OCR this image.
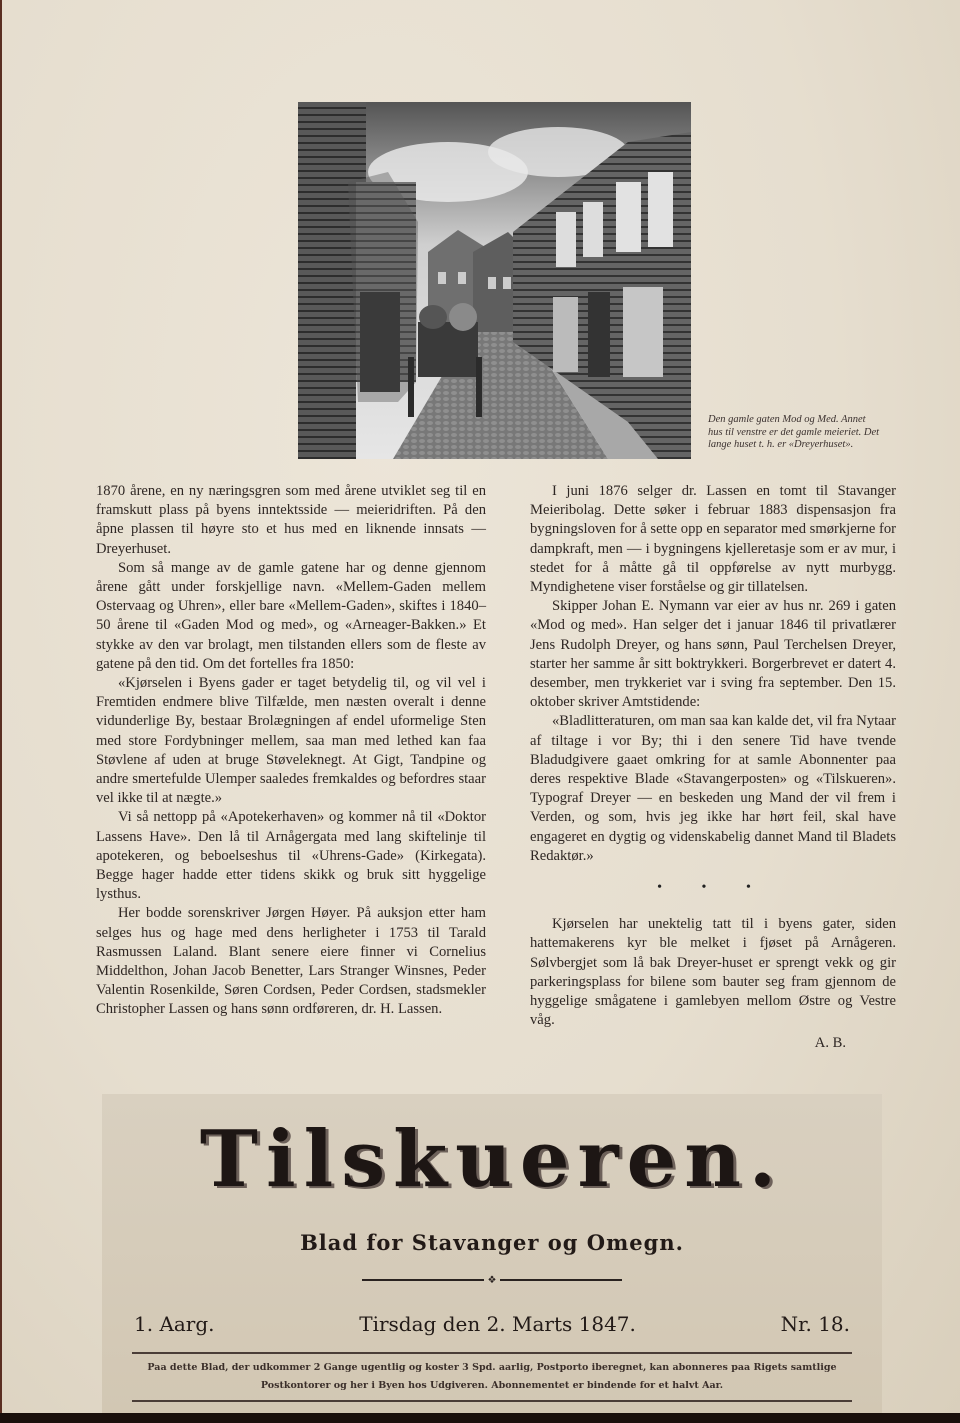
Den gamle gaten Mod og Med. Annet hus til venstre er det gamle meieriet. Det lange huset t. h. er «Dreyerhuset».

1870 årene, en ny næringsgren som med årene utviklet seg til en framskutt plass på byens inntektsside — meieridriften. På den åpne plassen til høyre sto et hus med en liknende innsats — Dreyerhuset.

Som så mange av de gamle gatene har og denne gjennom årene gått under forskjellige navn. «Mellem-Gaden mellem Ostervaag og Uhren», eller bare «Mellem-Gaden», skiftes i 1840–50 årene til «Gaden Mod og med», og «Arneager-Bakken.» Et stykke av den var brolagt, men tilstanden ellers som de fleste av gatene på den tid. Om det fortelles fra 1850:

«Kjørselen i Byens gader er taget betydelig til, og vil vel i Fremtiden endmere blive Tilfælde, men næsten overalt i denne vidunderlige By, bestaar Brolægningen af endel uformelige Sten med store Fordybninger mellem, saa man med lethed kan faa Støvlene af uden at bruge Støveleknegt. At Gigt, Tandpine og andre smertefulde Ulemper saaledes fremkaldes og befordres staar vel ikke til at nægte.»

Vi så nettopp på «Apotekerhaven» og kommer nå til «Doktor Lassens Have». Den lå til Arnågergata med lang skiftelinje til apotekeren, og beboelseshus til «Uhrens-Gade» (Kirkegata). Begge hager hadde etter tidens skikk og bruk sitt hyggelige lysthus.

Her bodde sorenskriver Jørgen Høyer. På auksjon etter ham selges hus og hage med dens herligheter i 1753 til Tarald Rasmussen Laland. Blant senere eiere finner vi Cornelius Middelthon, Johan Jacob Benetter, Lars Stranger Winsnes, Peder Valentin Rosenkilde, Søren Cordsen, Peder Cordsen, stadsmekler Christopher Lassen og hans sønn ordføreren, dr. H. Lassen.

I juni 1876 selger dr. Lassen en tomt til Stavanger Meieribolag. Dette søker i februar 1883 dispensasjon fra bygningsloven for å sette opp en separator med smørkjerne for dampkraft, men — i bygningens kjelleretasje som er av mur, i stedet for å måtte gå til oppførelse av nytt murbygg. Myndighetene viser forståelse og gir tillatelsen.

Skipper Johan E. Nymann var eier av hus nr. 269 i gaten «Mod og med». Han selger det i januar 1846 til privatlærer Jens Rudolph Dreyer, og hans sønn, Paul Terchelsen Dreyer, starter her samme år sitt boktrykkeri. Borgerbrevet er datert 4. desember, men trykkeriet var i sving fra september. Den 15. oktober skriver Amtstidende:

«Bladlitteraturen, om man saa kan kalde det, vil fra Nytaar af tiltage i vor By; thi i den senere Tid have tvende Bladudgivere gaaet omkring for at samle Abonnenter paa deres respektive Blade «Stavangerposten» og «Tilskueren». Typograf Dreyer — en beskeden ung Mand der vil frem i Verden, og som, hvis jeg ikke har hørt feil, skal have engageret en dygtig og videnskabelig dannet Mand til Bladets Redaktør.»

• • •

Kjørselen har unektelig tatt til i byens gater, siden hattemakerens kyr ble melket i fjøset på Arnågeren. Sølvbergjet som lå bak Dreyer-huset er sprengt vekk og gir parkeringsplass for bilene som bauter seg fram gjennom de hyggelige smågatene i gamlebyen mellom Østre og Vestre våg.

A. B.

Tilskueren.
Blad for Stavanger og Omegn.
❖
1. Aarg.	Tirsdag den 2. Marts 1847.	Nr. 18.
Paa dette Blad, der udkommer 2 Gange ugentlig og koster 3 Spd. aarlig, Postporto iberegnet, kan abonneres paa Rigets samtlige
Postkontorer og her i Byen hos Udgiveren. Abonnementet er bindende for et halvt Aar.
